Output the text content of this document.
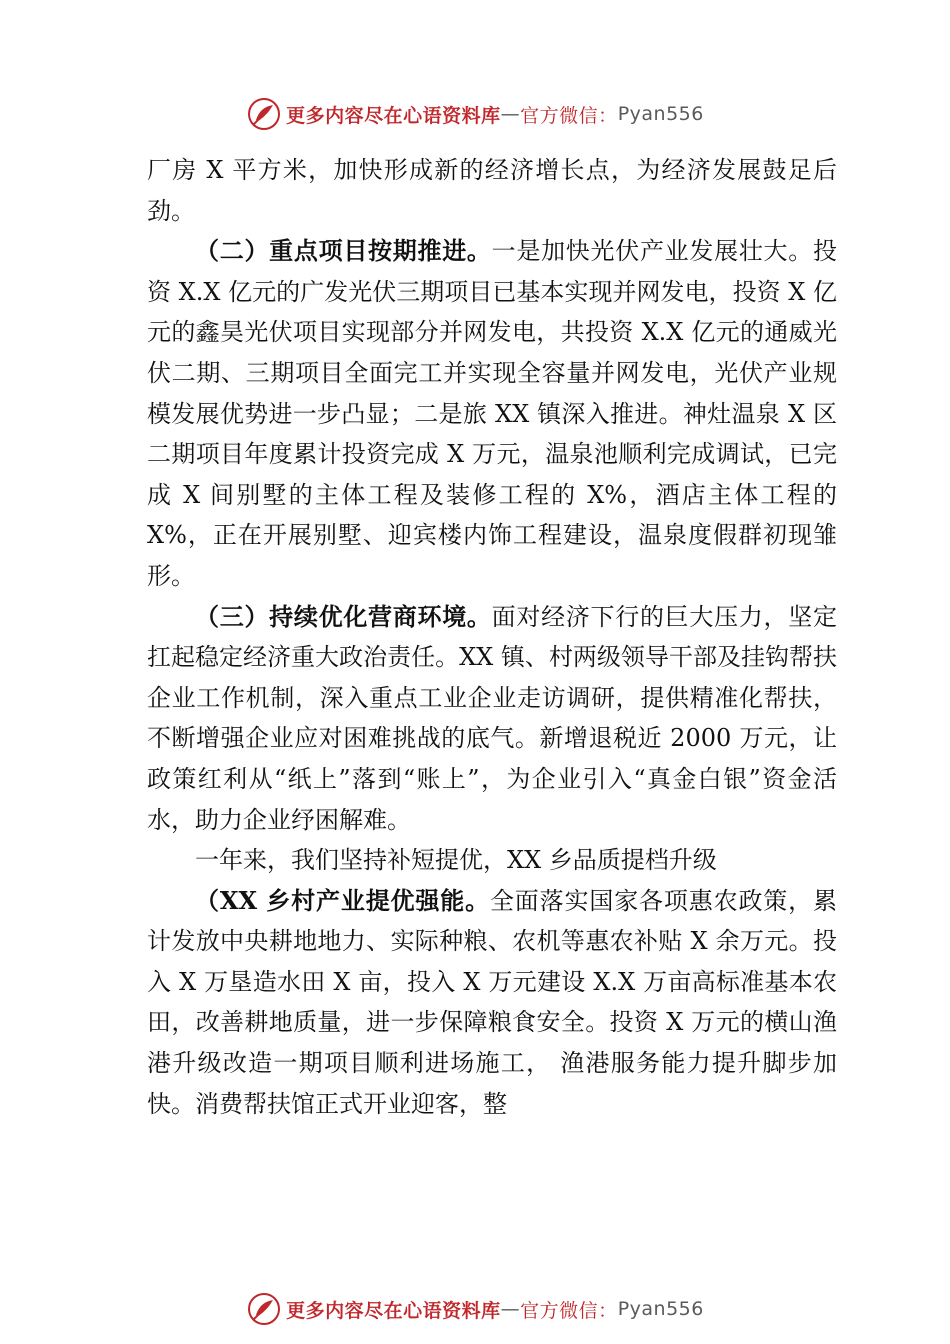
更多内容尽在心语资料库 — 官方微信： Pyan556

厂房 X 平方米，加快形成新的经济增长点，为经济发展鼓足后劲。

（二）重点项目按期推进。一是加快光伏产业发展壮大。投资 X.X 亿元的广发光伏三期项目已基本实现并网发电，投资 X 亿元的鑫昊光伏项目实现部分并网发电，共投资 X.X 亿元的通威光伏二期、三期项目全面完工并实现全容量并网发电，光伏产业规模发展优势进一步凸显；二是旅 XX 镇深入推进。神灶温泉 X 区二期项目年度累计投资完成 X 万元，温泉池顺利完成调试，已完成 X 间别墅的主体工程及装修工程的 X%，酒店主体工程的 X%，正在开展别墅、迎宾楼内饰工程建设，温泉度假群初现雏形。

（三）持续优化营商环境。面对经济下行的巨大压力，坚定扛起稳定经济重大政治责任。XX 镇、村两级领导干部及挂钩帮扶企业工作机制，深入重点工业企业走访调研，提供精准化帮扶，不断增强企业应对困难挑战的底气。新增退税近 2000 万元，让政策红利从“纸上”落到“账上”，为企业引入“真金白银”资金活水，助力企业纾困解难。

一年来，我们坚持补短提优，XX 乡品质提档升级

（XX 乡村产业提优强能。全面落实国家各项惠农政策，累计发放中央耕地地力、实际种粮、农机等惠农补贴 X 余万元。投入 X 万垦造水田 X 亩，投入 X 万元建设 X.X 万亩高标准基本农田，改善耕地质量，进一步保障粮食安全。投资 X 万元的横山渔港升级改造一期项目顺利进场施工， 渔港服务能力提升脚步加快。消费帮扶馆正式开业迎客，整

更多内容尽在心语资料库 — 官方微信： Pyan556
